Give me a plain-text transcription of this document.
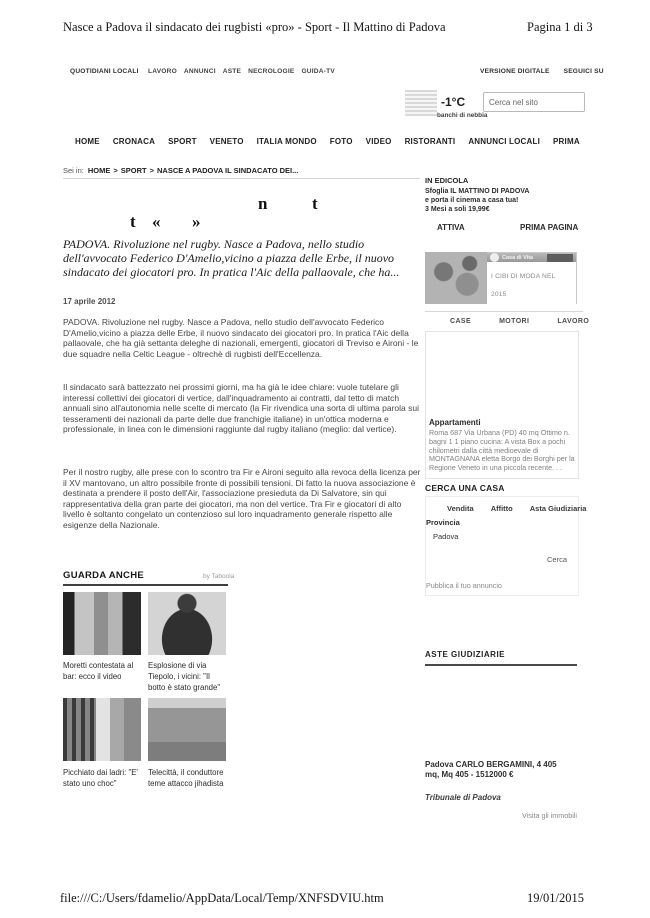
Nasce a Padova il sindacato dei rugbisti «pro» - Sport - Il Mattino di Padova	Pagina 1 di 3
QUOTIDIANI LOCALI LAVORO ANNUNCI ASTE NECROLOGIE GUIDA-TV	VERSIONE DIGITALE SEGUICI SU
-1°C
banchi di nebbia
Cerca nel sito
HOME CRONACA SPORT VENETO ITALIA MONDO FOTO VIDEO RISTORANTI ANNUNCI LOCALI PRIMA
Sei in: HOME > SPORT > NASCE A PADOVA IL SINDACATO DEI...
n	t
t « »
PADOVA. Rivoluzione nel rugby. Nasce a Padova, nello studio dell'avvocato Federico D'Amelio,vicino a piazza delle Erbe, il nuovo sindacato dei giocatori pro. In pratica l'Aic della pallaovale, che ha...
17 aprile 2012
PADOVA. Rivoluzione nel rugby. Nasce a Padova, nello studio dell'avvocato Federico D'Amelio,vicino a piazza delle Erbe, il nuovo sindacato dei giocatori pro. In pratica l'Aic della pallaovale, che ha già settanta deleghe di nazionali, emergenti, giocatori di Treviso e Aironi - le due squadre nella Celtic League - oltrechè di rugbisti dell'Eccellenza.
Il sindacato sarà battezzato nei prossimi giorni, ma ha già le idee chiare: vuole tutelare gli interessi collettivi dei giocatori di vertice, dall'inquadramento ai contratti, dal tetto di match annuali sino all'autonomia nelle scelte di mercato (la Fir rivendica una sorta di ultima parola sui tesseramenti dei nazionali da parte delle due franchigie italiane) in un'ottica moderna e professionale, in linea con le dimensioni raggiunte dal rugby italiano (meglio: dal vertice).
Per il nostro rugby, alle prese con lo scontro tra Fir e Aironi seguito alla revoca della licenza per il XV mantovano, un altro possibile fronte di possibili tensioni. Di fatto la nuova associazione è destinata a prendere il posto dell'Air, l'associazione presieduta da Di Salvatore, sin qui rappresentativa della gran parte dei giocatori, ma non del vertice. Tra Fir e giocatori di alto livello è soltanto congelato un contenzioso sul loro inquadramento generale rispetto alle esigenze della Nazionale.
GUARDA ANCHE	by Taboola
Moretti contestata al bar: ecco il video
Esplosione di via Tiepolo, i vicini: "Il botto è stato grande"
Picchiato dai ladri: "E' stato uno choc"
Telecittà, il conduttore teme attacco jihadista
IN EDICOLA
Sfoglia IL MATTINO DI PADOVA
e porta il cinema a casa tua!
3 Mesi a soli 19,99€
ATTIVA	PRIMA PAGINA
Casa di Vita
I CIBI DI MODA NEL 2015
CASE	MOTORI	LAVORO
Appartamenti
Roma 687 Via Urbana (PD) 40 mq Ottimo n. bagni 1 1 piano cucina: A vista Box a pochi chilometri dalla città medioevale di MONTAGNANA eletta Borgo dei Borghi per la Regione Veneto in una piccola recente. . .
CERCA UNA CASA
Vendita Affitto Asta Giudiziaria
Provincia
Padova
Cerca
Pubblica il tuo annuncio
ASTE GIUDIZIARIE
Padova CARLO BERGAMINI, 4 405 mq, Mq 405 - 1512000 €
Tribunale di Padova
Visita gli immobili
file:///C:/Users/fdamelio/AppData/Local/Temp/XNFSDVIU.htm	19/01/2015
